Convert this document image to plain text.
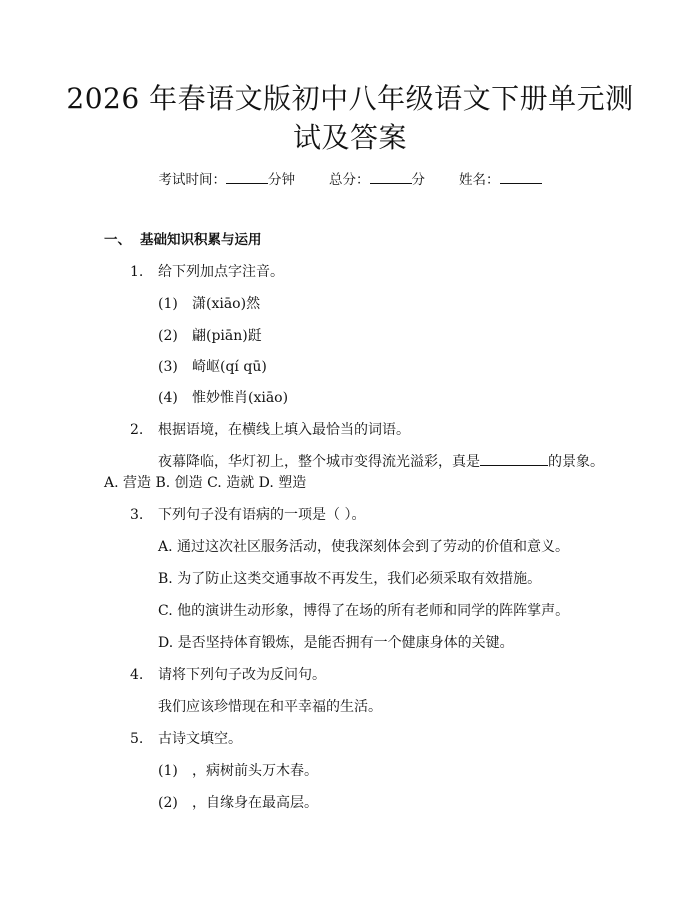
2026 年春语文版初中八年级语文下册单元测
试及答案
考试时间：	分钟	总分：	分	姓名：
一、 基础知识积累与运用
1. 给下列加点字注音。
(1) 潇(xiāo)然
(2) 翩(piān)跹
(3) 崎岖(qí qū)
(4) 惟妙惟肖(xiāo)
2. 根据语境，在横线上填入最恰当的词语。
夜幕降临，华灯初上，整个城市变得流光溢彩，真是	的景象。
A. 营造 B. 创造 C. 造就 D. 塑造
3. 下列句子没有语病的一项是（ ）。
A. 通过这次社区服务活动，使我深刻体会到了劳动的价值和意义。
B. 为了防止这类交通事故不再发生，我们必须采取有效措施。
C. 他的演讲生动形象，博得了在场的所有老师和同学的阵阵掌声。
D. 是否坚持体育锻炼，是能否拥有一个健康身体的关键。
4. 请将下列句子改为反问句。
我们应该珍惜现在和平幸福的生活。
5. 古诗文填空。
(1) ，病树前头万木春。
(2) ，自缘身在最高层。
